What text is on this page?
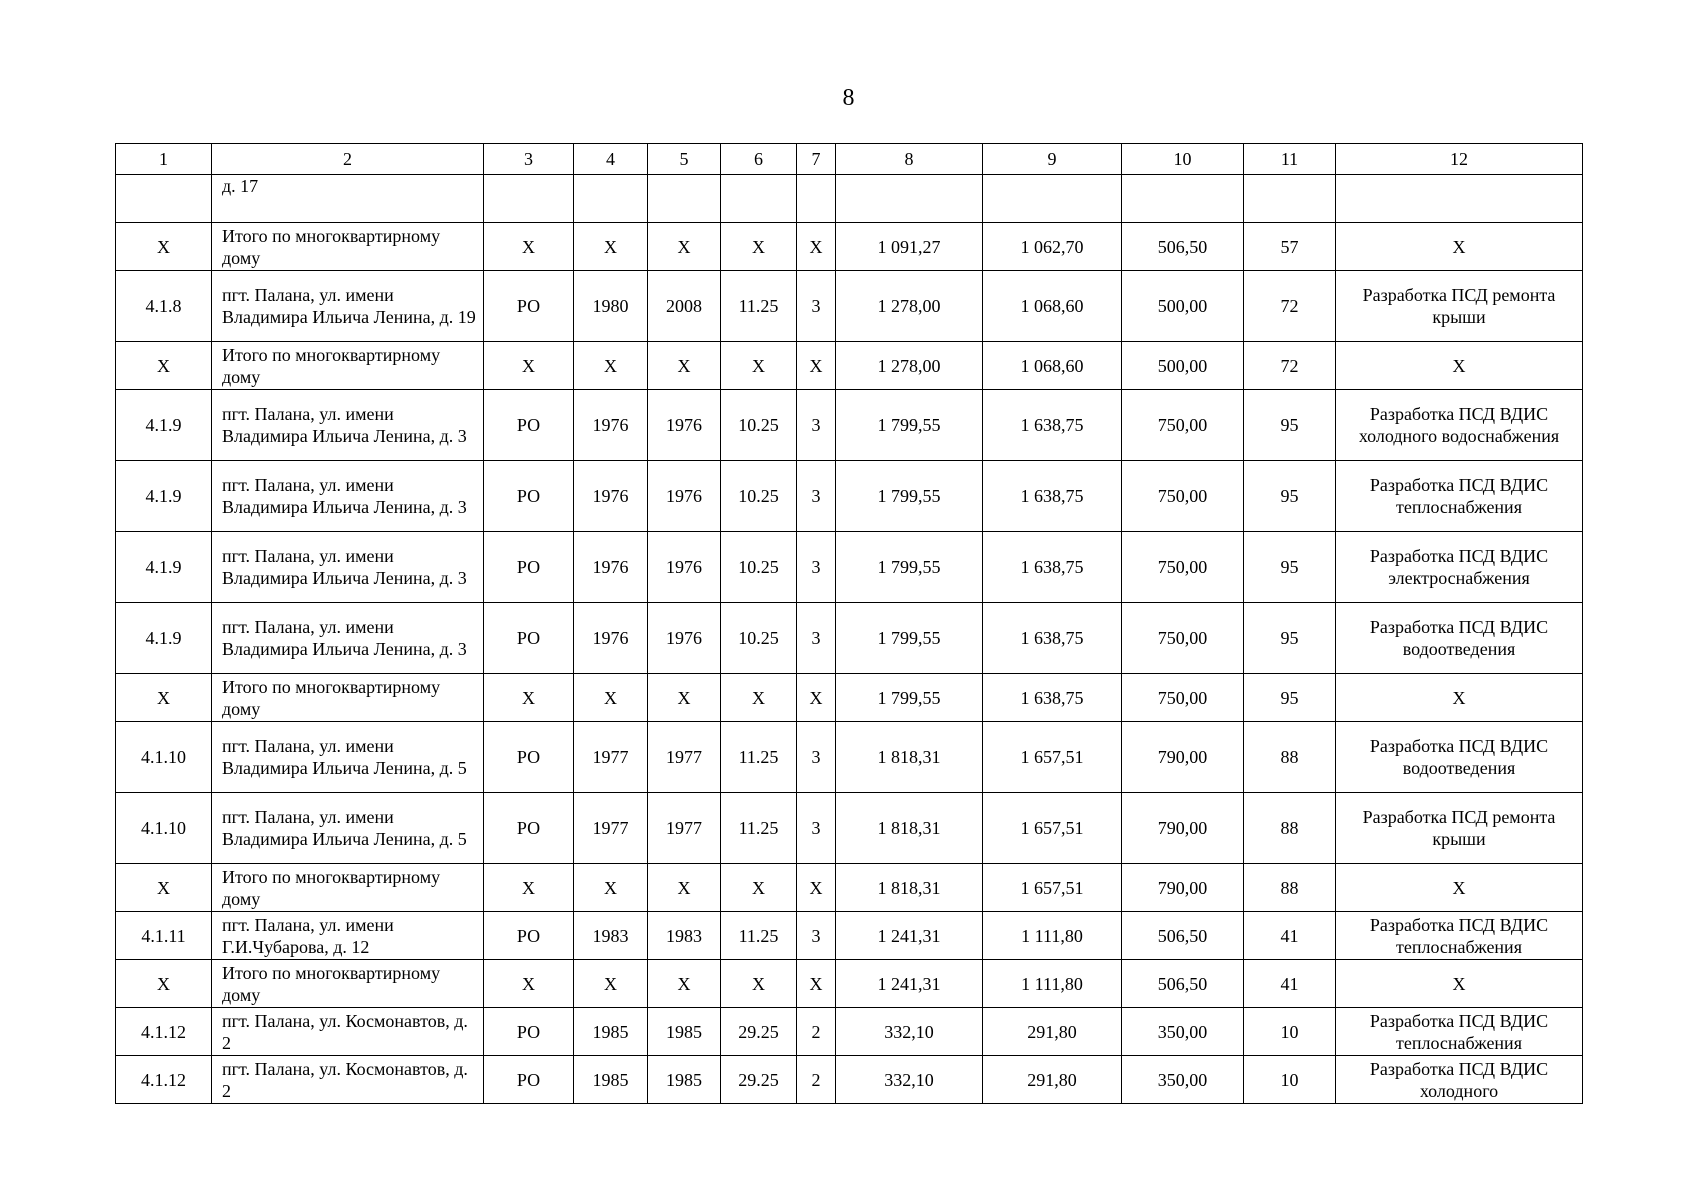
8
1	2	3	4	5	6	7	8	9	10	11	12
	д. 17										
Х	Итого по многоквартирному дому	Х	Х	Х	Х	Х	1 091,27	1 062,70	506,50	57	Х
4.1.8	пгт. Палана, ул. имени Владимира Ильича Ленина, д. 19	РО	1980	2008	11.25	3	1 278,00	1 068,60	500,00	72	Разработка ПСД ремонта крыши
Х	Итого по многоквартирному дому	Х	Х	Х	Х	Х	1 278,00	1 068,60	500,00	72	Х
4.1.9	пгт. Палана, ул. имени Владимира Ильича Ленина, д. 3	РО	1976	1976	10.25	3	1 799,55	1 638,75	750,00	95	Разработка ПСД ВДИС холодного водоснабжения
4.1.9	пгт. Палана, ул. имени Владимира Ильича Ленина, д. 3	РО	1976	1976	10.25	3	1 799,55	1 638,75	750,00	95	Разработка ПСД ВДИС теплоснабжения
4.1.9	пгт. Палана, ул. имени Владимира Ильича Ленина, д. 3	РО	1976	1976	10.25	3	1 799,55	1 638,75	750,00	95	Разработка ПСД ВДИС электроснабжения
4.1.9	пгт. Палана, ул. имени Владимира Ильича Ленина, д. 3	РО	1976	1976	10.25	3	1 799,55	1 638,75	750,00	95	Разработка ПСД ВДИС водоотведения
Х	Итого по многоквартирному дому	Х	Х	Х	Х	Х	1 799,55	1 638,75	750,00	95	Х
4.1.10	пгт. Палана, ул. имени Владимира Ильича Ленина, д. 5	РО	1977	1977	11.25	3	1 818,31	1 657,51	790,00	88	Разработка ПСД ВДИС водоотведения
4.1.10	пгт. Палана, ул. имени Владимира Ильича Ленина, д. 5	РО	1977	1977	11.25	3	1 818,31	1 657,51	790,00	88	Разработка ПСД ремонта крыши
Х	Итого по многоквартирному дому	Х	Х	Х	Х	Х	1 818,31	1 657,51	790,00	88	Х
4.1.11	пгт. Палана, ул. имени Г.И.Чубарова, д. 12	РО	1983	1983	11.25	3	1 241,31	1 111,80	506,50	41	Разработка ПСД ВДИС теплоснабжения
Х	Итого по многоквартирному дому	Х	Х	Х	Х	Х	1 241,31	1 111,80	506,50	41	Х
4.1.12	пгт. Палана, ул. Космонавтов, д. 2	РО	1985	1985	29.25	2	332,10	291,80	350,00	10	Разработка ПСД ВДИС теплоснабжения
4.1.12	пгт. Палана, ул. Космонавтов, д. 2	РО	1985	1985	29.25	2	332,10	291,80	350,00	10	Разработка ПСД ВДИС холодного
